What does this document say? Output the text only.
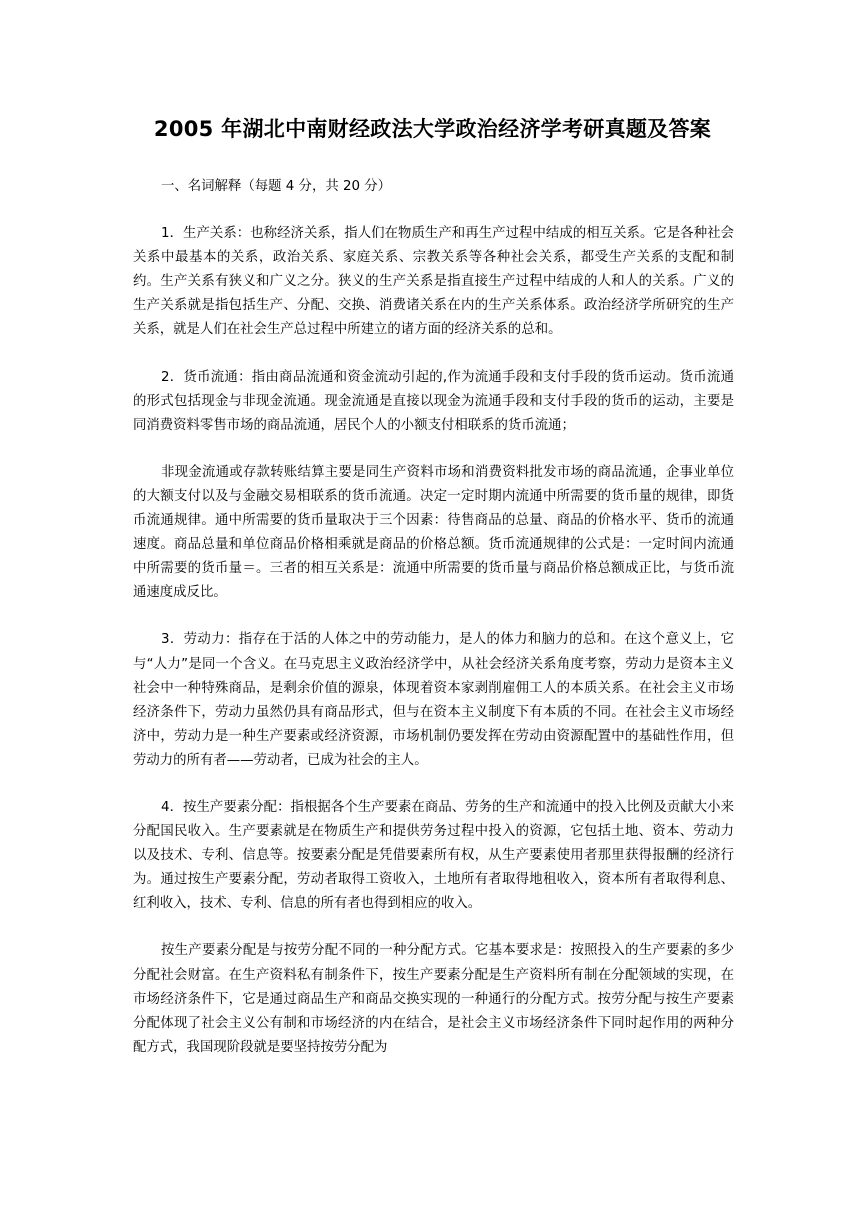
2005 年湖北中南财经政法大学政治经济学考研真题及答案

一、名词解释（每题 4 分，共 20 分）

1．生产关系：也称经济关系，指人们在物质生产和再生产过程中结成的相互关系。它是各种社会关系中最基本的关系，政治关系、家庭关系、宗教关系等各种社会关系，都受生产关系的支配和制约。生产关系有狭义和广义之分。狭义的生产关系是指直接生产过程中结成的人和人的关系。广义的生产关系就是指包括生产、分配、交换、消费诸关系在内的生产关系体系。政治经济学所研究的生产关系，就是人们在社会生产总过程中所建立的诸方面的经济关系的总和。

2．货币流通：指由商品流通和资金流动引起的,作为流通手段和支付手段的货币运动。货币流通的形式包括现金与非现金流通。现金流通是直接以现金为流通手段和支付手段的货币的运动，主要是同消费资料零售市场的商品流通，居民个人的小额支付相联系的货币流通；

非现金流通或存款转账结算主要是同生产资料市场和消费资料批发市场的商品流通，企事业单位的大额支付以及与金融交易相联系的货币流通。决定一定时期内流通中所需要的货币量的规律，即货币流通规律。通中所需要的货币量取决于三个因素：待售商品的总量、商品的价格水平、货币的流通速度。商品总量和单位商品价格相乘就是商品的价格总额。货币流通规律的公式是：一定时间内流通中所需要的货币量＝。三者的相互关系是：流通中所需要的货币量与商品价格总额成正比，与货币流通速度成反比。

3．劳动力：指存在于活的人体之中的劳动能力，是人的体力和脑力的总和。在这个意义上，它与“人力”是同一个含义。在马克思主义政治经济学中，从社会经济关系角度考察，劳动力是资本主义社会中一种特殊商品，是剩余价值的源泉，体现着资本家剥削雇佣工人的本质关系。在社会主义市场经济条件下，劳动力虽然仍具有商品形式，但与在资本主义制度下有本质的不同。在社会主义市场经济中，劳动力是一种生产要素或经济资源，市场机制仍要发挥在劳动由资源配置中的基础性作用，但劳动力的所有者——劳动者，已成为社会的主人。

4．按生产要素分配：指根据各个生产要素在商品、劳务的生产和流通中的投入比例及贡献大小来分配国民收入。生产要素就是在物质生产和提供劳务过程中投入的资源，它包括土地、资本、劳动力以及技术、专利、信息等。按要素分配是凭借要素所有权，从生产要素使用者那里获得报酬的经济行为。通过按生产要素分配，劳动者取得工资收入，土地所有者取得地租收入，资本所有者取得利息、红利收入，技术、专利、信息的所有者也得到相应的收入。

按生产要素分配是与按劳分配不同的一种分配方式。它基本要求是：按照投入的生产要素的多少分配社会财富。在生产资料私有制条件下，按生产要素分配是生产资料所有制在分配领域的实现，在市场经济条件下，它是通过商品生产和商品交换实现的一种通行的分配方式。按劳分配与按生产要素分配体现了社会主义公有制和市场经济的内在结合，是社会主义市场经济条件下同时起作用的两种分配方式，我国现阶段就是要坚持按劳分配为
